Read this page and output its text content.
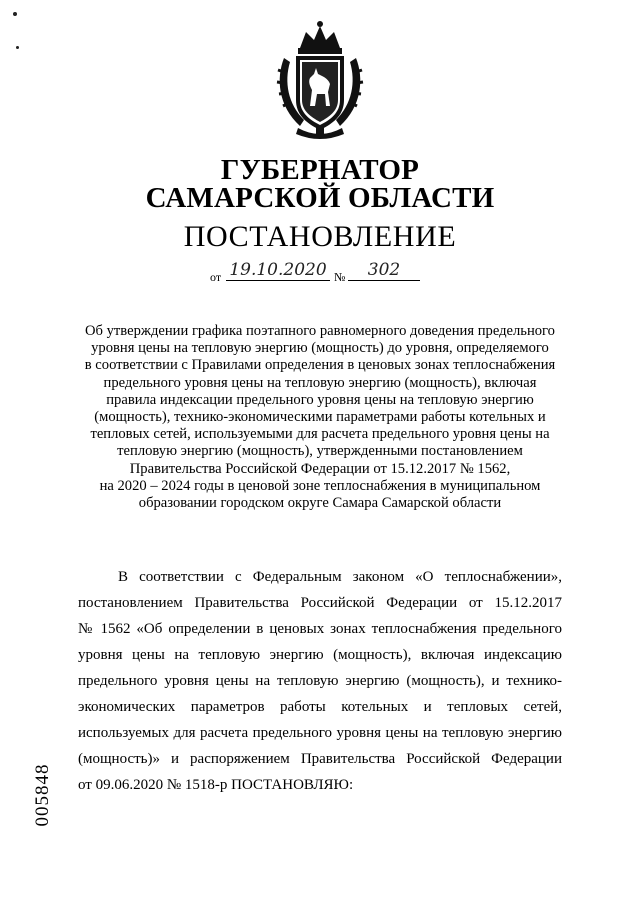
ГУБЕРНАТОР
САМАРСКОЙ ОБЛАСТИ
ПОСТАНОВЛЕНИЕ
от 19.10.2020 №	302
Об утверждении графика поэтапного равномерного доведения предельного
уровня цены на тепловую энергию (мощность) до уровня, определяемого
в соответствии с Правилами определения в ценовых зонах теплоснабжения
предельного уровня цены на тепловую энергию (мощность), включая
правила индексации предельного уровня цены на тепловую энергию
(мощность), технико-экономическими параметрами работы котельных и
тепловых сетей, используемыми для расчета предельного уровня цены на
тепловую энергию (мощность), утвержденными постановлением
Правительства Российской Федерации от 15.12.2017 № 1562,
на 2020 – 2024 годы в ценовой зоне теплоснабжения в муниципальном
образовании городском округе Самара Самарской области
В соответствии с Федеральным законом «О теплоснабжении»,
постановлением Правительства Российской Федерации от 15.12.2017
№ 1562 «Об определении в ценовых зонах теплоснабжения предельного
уровня цены на тепловую энергию (мощность), включая индексацию
предельного уровня цены на тепловую энергию (мощность), и технико-
экономических параметров работы котельных и тепловых сетей,
используемых для расчета предельного уровня цены на тепловую энергию
(мощность)» и распоряжением Правительства Российской Федерации
от 09.06.2020 № 1518-р ПОСТАНОВЛЯЮ:
005848
